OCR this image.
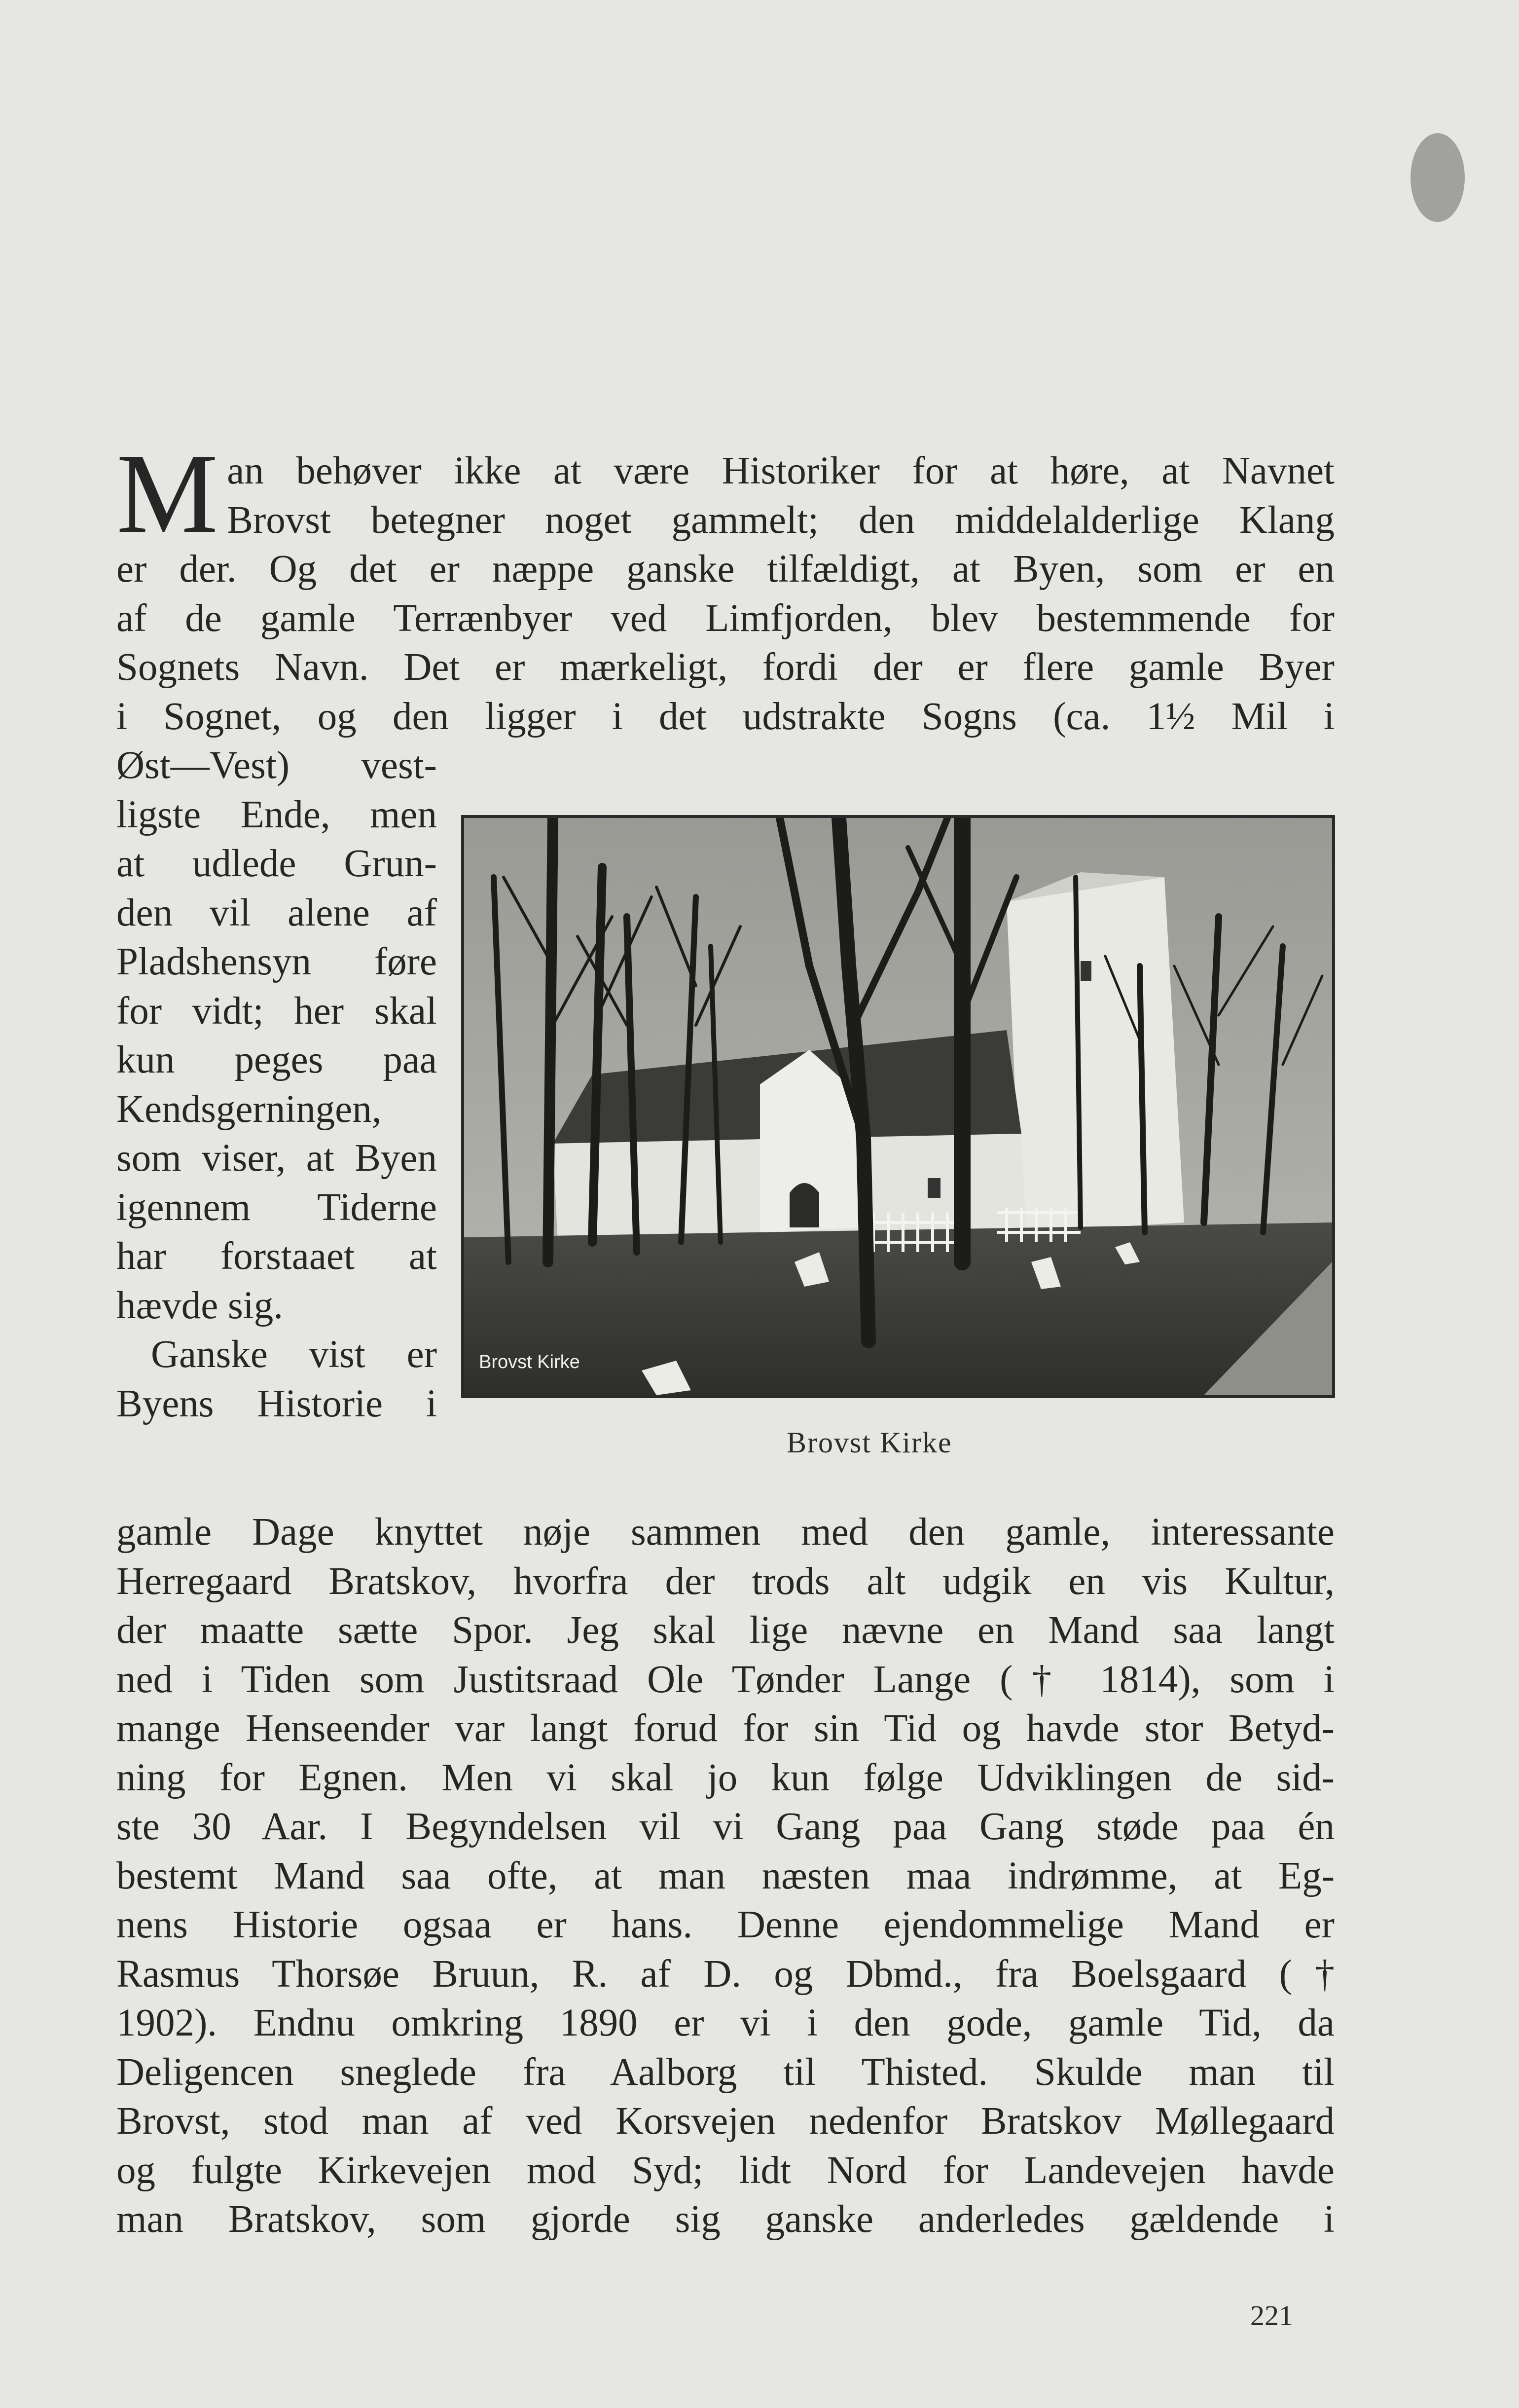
M an behøver ikke at være Historiker for at høre, at Navnet
Brovst betegner noget gammelt; den middelalderlige Klang
er der. Og det er næppe ganske tilfældigt, at Byen, som er en
af de gamle Terrænbyer ved Limfjorden, blev bestemmende for
Sognets Navn. Det er mærkeligt, fordi der er flere gamle Byer
i Sognet, og den ligger i det udstrakte Sogns (ca. 1½ Mil i
Øst—Vest) vest-
ligste Ende, men
at udlede Grun-
den vil alene af
Pladshensyn føre
for vidt; her skal
kun peges paa
Kendsgerningen,
som viser, at Byen
igennem Tiderne
har forstaaet at
hævde sig.
Ganske vist er
Byens Historie i
gamle Dage knyttet nøje sammen med den gamle, interessante
Herregaard Bratskov, hvorfra der trods alt udgik en vis Kultur,
der maatte sætte Spor. Jeg skal lige nævne en Mand saa langt
ned i Tiden som Justitsraad Ole Tønder Lange († 1814), som i
mange Henseender var langt forud for sin Tid og havde stor Betyd-
ning for Egnen. Men vi skal jo kun følge Udviklingen de sid-
ste 30 Aar. I Begyndelsen vil vi Gang paa Gang støde paa én
bestemt Mand saa ofte, at man næsten maa indrømme, at Eg-
nens Historie ogsaa er hans. Denne ejendommelige Mand er
Rasmus Thorsøe Bruun, R. af D. og Dbmd., fra Boelsgaard (†
1902). Endnu omkring 1890 er vi i den gode, gamle Tid, da
Deligencen sneglede fra Aalborg til Thisted. Skulde man til
Brovst, stod man af ved Korsvejen nedenfor Bratskov Møllegaard
og fulgte Kirkevejen mod Syd; lidt Nord for Landevejen havde
man Bratskov, som gjorde sig ganske anderledes gældende i
Brovst Kirke
Brovst Kirke
221
